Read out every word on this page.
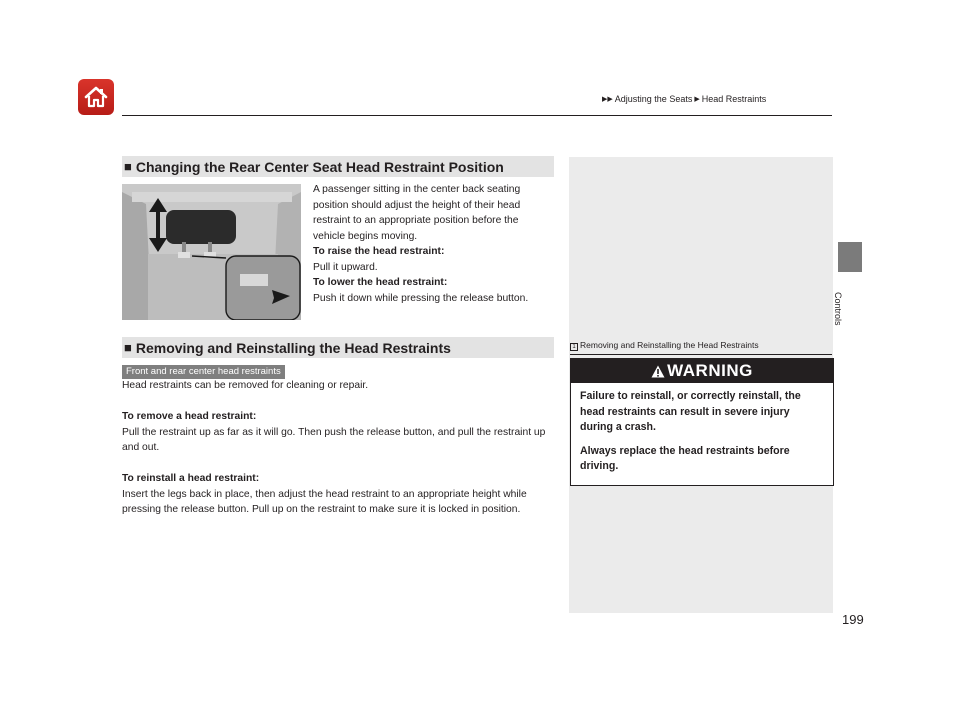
▶▶ Adjusting the Seats ▶ Head Restraints
Controls
199
■ Changing the Rear Center Seat Head Restraint Position
A passenger sitting in the center back seating position should adjust the height of their head restraint to an appropriate position before the vehicle begins moving.
To raise the head restraint:
Pull it upward.
To lower the head restraint:
Push it down while pressing the release button.
■ Removing and Reinstalling the Head Restraints
Front and rear center head restraints
Head restraints can be removed for cleaning or repair.
To remove a head restraint:
Pull the restraint up as far as it will go. Then push the release button, and pull the restraint up and out.
To reinstall a head restraint:
Insert the legs back in place, then adjust the head restraint to an appropriate height while pressing the release button. Pull up on the restraint to make sure it is locked in position.
1 Removing and Reinstalling the Head Restraints
WARNING
Failure to reinstall, or correctly reinstall, the head restraints can result in severe injury during a crash.
Always replace the head restraints before driving.
